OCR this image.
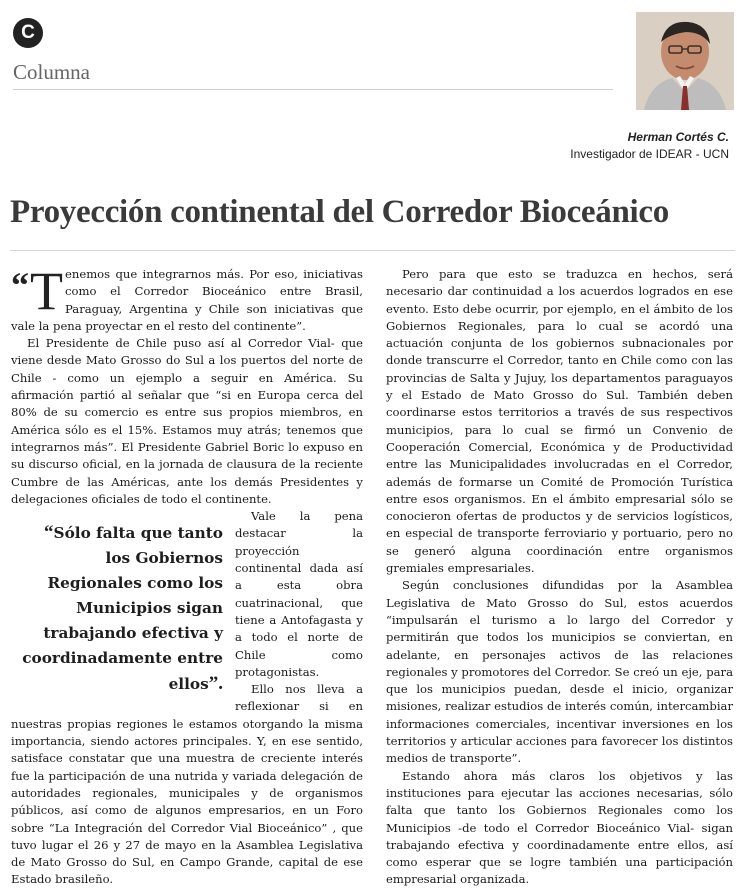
C
Columna
Herman Cortés C.
Investigador de IDEAR - UCN
Proyección continental del Corredor Bioceánico

“ T enemos que integrarnos más. Por eso, iniciativas como el Corredor Bioceánico entre Brasil, Paraguay, Argentina y Chile son iniciativas que vale la pena proyectar en el resto del continente”.

El Presidente de Chile puso así al Corredor Vial- que viene desde Mato Grosso do Sul a los puertos del norte de Chile - como un ejemplo a seguir en América. Su afirmación partió al señalar que “si en Europa cerca del 80% de su comercio es entre sus propios miembros, en América sólo es el 15%. Estamos muy atrás; tenemos que integrarnos más”. El Presidente Gabriel Boric lo expuso en su discurso oficial, en la jornada de clausura de la reciente Cumbre de las Américas, ante los demás Presidentes y delegaciones oficiales de todo el continente.

“Sólo falta que tanto los Gobiernos Regionales como los Municipios sigan trabajando efectiva y coordinadamente entre ellos”.

Vale la pena destacar la proyección continental dada así a esta obra cuatrinacional, que tiene a Antofagasta y a todo el norte de Chile como protagonistas.

Ello nos lleva a reflexionar si en nuestras propias regiones le estamos otorgando la misma importancia, siendo actores principales. Y, en ese sentido, satisface constatar que una muestra de creciente interés fue la participación de una nutrida y variada delegación de autoridades regionales, municipales y de organismos públicos, así como de algunos empresarios, en un Foro sobre “La Integración del Corredor Vial Bioceánico” , que tuvo lugar el 26 y 27 de mayo en la Asamblea Legislativa de Mato Grosso do Sul, en Campo Grande, capital de ese Estado brasileño.

Pero para que esto se traduzca en hechos, será necesario dar continuidad a los acuerdos logrados en ese evento. Esto debe ocurrir, por ejemplo, en el ámbito de los Gobiernos Regionales, para lo cual se acordó una actuación conjunta de los gobiernos subnacionales por donde transcurre el Corredor, tanto en Chile como con las provincias de Salta y Jujuy, los departamentos paraguayos y el Estado de Mato Grosso do Sul. También deben coordinarse estos territorios a través de sus respectivos municipios, para lo cual se firmó un Convenio de Cooperación Comercial, Económica y de Productividad entre las Municipalidades involucradas en el Corredor, además de formarse un Comité de Promoción Turística entre esos organismos. En el ámbito empresarial sólo se conocieron ofertas de productos y de servicios logísticos, en especial de transporte ferroviario y portuario, pero no se generó alguna coordinación entre organismos gremiales empresariales.

Según conclusiones difundidas por la Asamblea Legislativa de Mato Grosso do Sul, estos acuerdos “impulsarán el turismo a lo largo del Corredor y permitirán que todos los municipios se conviertan, en adelante, en personajes activos de las relaciones regionales y promotores del Corredor. Se creó un eje, para que los municipios puedan, desde el inicio, organizar misiones, realizar estudios de interés común, intercambiar informaciones comerciales, incentivar inversiones en los territorios y articular acciones para favorecer los distintos medios de transporte”.

Estando ahora más claros los objetivos y las instituciones para ejecutar las acciones necesarias, sólo falta que tanto los Gobiernos Regionales como los Municipios -de todo el Corredor Bioceánico Vial- sigan trabajando efectiva y coordinadamente entre ellos, así como esperar que se logre también una participación empresarial organizada.
